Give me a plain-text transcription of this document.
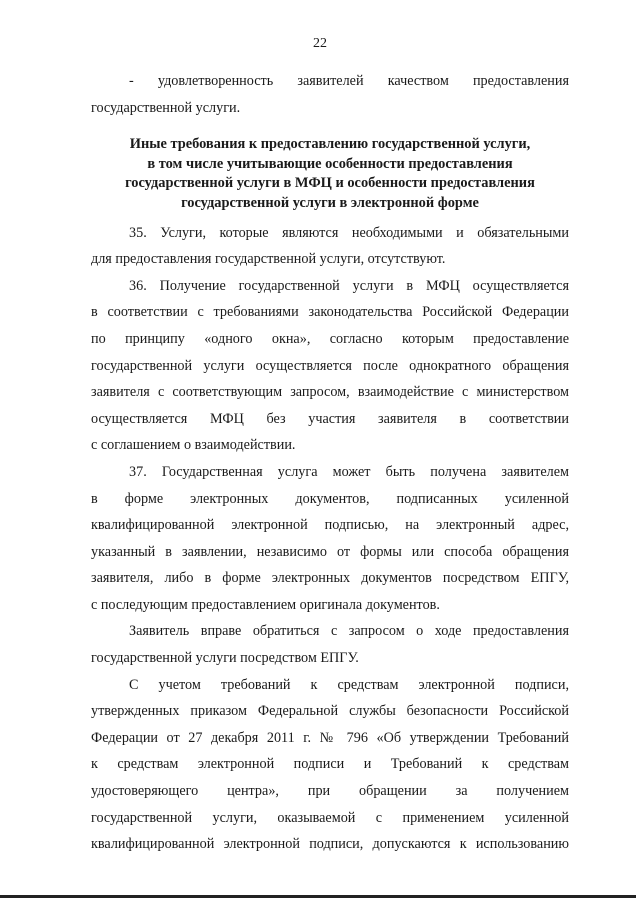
22

- удовлетворенность заявителей качеством предоставления
государственной услуги.

Иные требования к предоставлению государственной услуги,
в том числе учитывающие особенности предоставления
государственной услуги в МФЦ и особенности предоставления
государственной услуги в электронной форме

35. Услуги, которые являются необходимыми и обязательными
для предоставления государственной услуги, отсутствуют.

36. Получение государственной услуги в МФЦ осуществляется
в соответствии с требованиями законодательства Российской Федерации
по принципу «одного окна», согласно которым предоставление
государственной услуги осуществляется после однократного обращения
заявителя с соответствующим запросом, взаимодействие с министерством
осуществляется МФЦ без участия заявителя в соответствии
с соглашением о взаимодействии.

37. Государственная услуга может быть получена заявителем
в форме электронных документов, подписанных усиленной
квалифицированной электронной подписью, на электронный адрес,
указанный в заявлении, независимо от формы или способа обращения
заявителя, либо в форме электронных документов посредством ЕПГУ,
с последующим предоставлением оригинала документов.

Заявитель вправе обратиться с запросом о ходе предоставления
государственной услуги посредством ЕПГУ.

С учетом требований к средствам электронной подписи,
утвержденных приказом Федеральной службы безопасности Российской
Федерации от 27 декабря 2011 г. № 796 «Об утверждении Требований
к средствам электронной подписи и Требований к средствам
удостоверяющего центра», при обращении за получением
государственной услуги, оказываемой с применением усиленной
квалифицированной электронной подписи, допускаются к использованию
